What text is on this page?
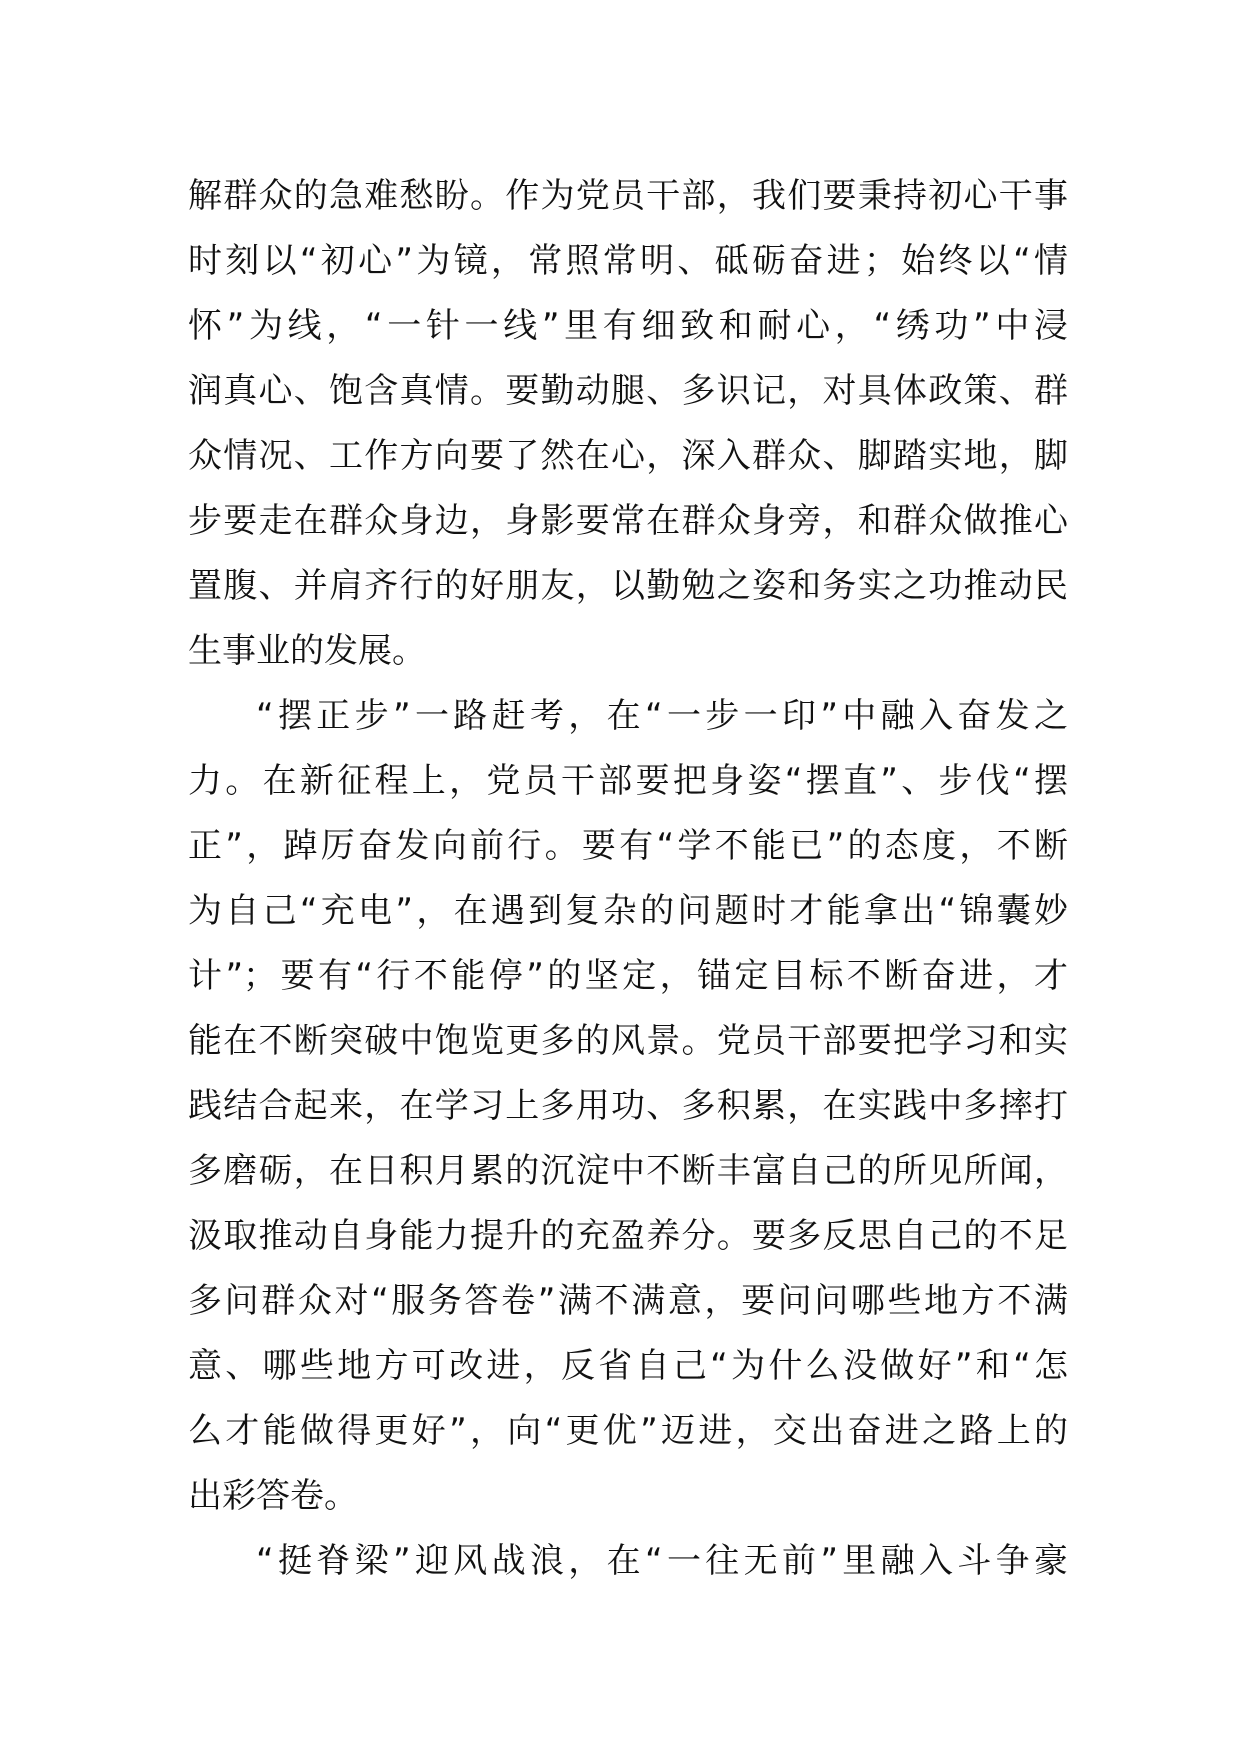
解群众的急难愁盼。作为党员干部，我们要秉持初心干事
时刻以“初心”为镜，常照常明、砥砺奋进；始终以“情
怀”为线，“一针一线”里有细致和耐心，“绣功”中浸
润真心、饱含真情。要勤动腿、多识记，对具体政策、群
众情况、工作方向要了然在心，深入群众、脚踏实地，脚
步要走在群众身边，身影要常在群众身旁，和群众做推心
置腹、并肩齐行的好朋友，以勤勉之姿和务实之功推动民
生事业的发展。
“摆正步”一路赶考，在“一步一印”中融入奋发之
力。在新征程上，党员干部要把身姿“摆直”、步伐“摆
正”，踔厉奋发向前行。要有“学不能已”的态度，不断
为自己“充电”，在遇到复杂的问题时才能拿出“锦囊妙
计”；要有“行不能停”的坚定，锚定目标不断奋进，才
能在不断突破中饱览更多的风景。党员干部要把学习和实
践结合起来，在学习上多用功、多积累，在实践中多摔打
多磨砺，在日积月累的沉淀中不断丰富自己的所见所闻，
汲取推动自身能力提升的充盈养分。要多反思自己的不足
多问群众对“服务答卷”满不满意，要问问哪些地方不满
意、哪些地方可改进，反省自己“为什么没做好”和“怎
么才能做得更好”，向“更优”迈进，交出奋进之路上的
出彩答卷。
“挺脊梁”迎风战浪，在“一往无前”里融入斗争豪
